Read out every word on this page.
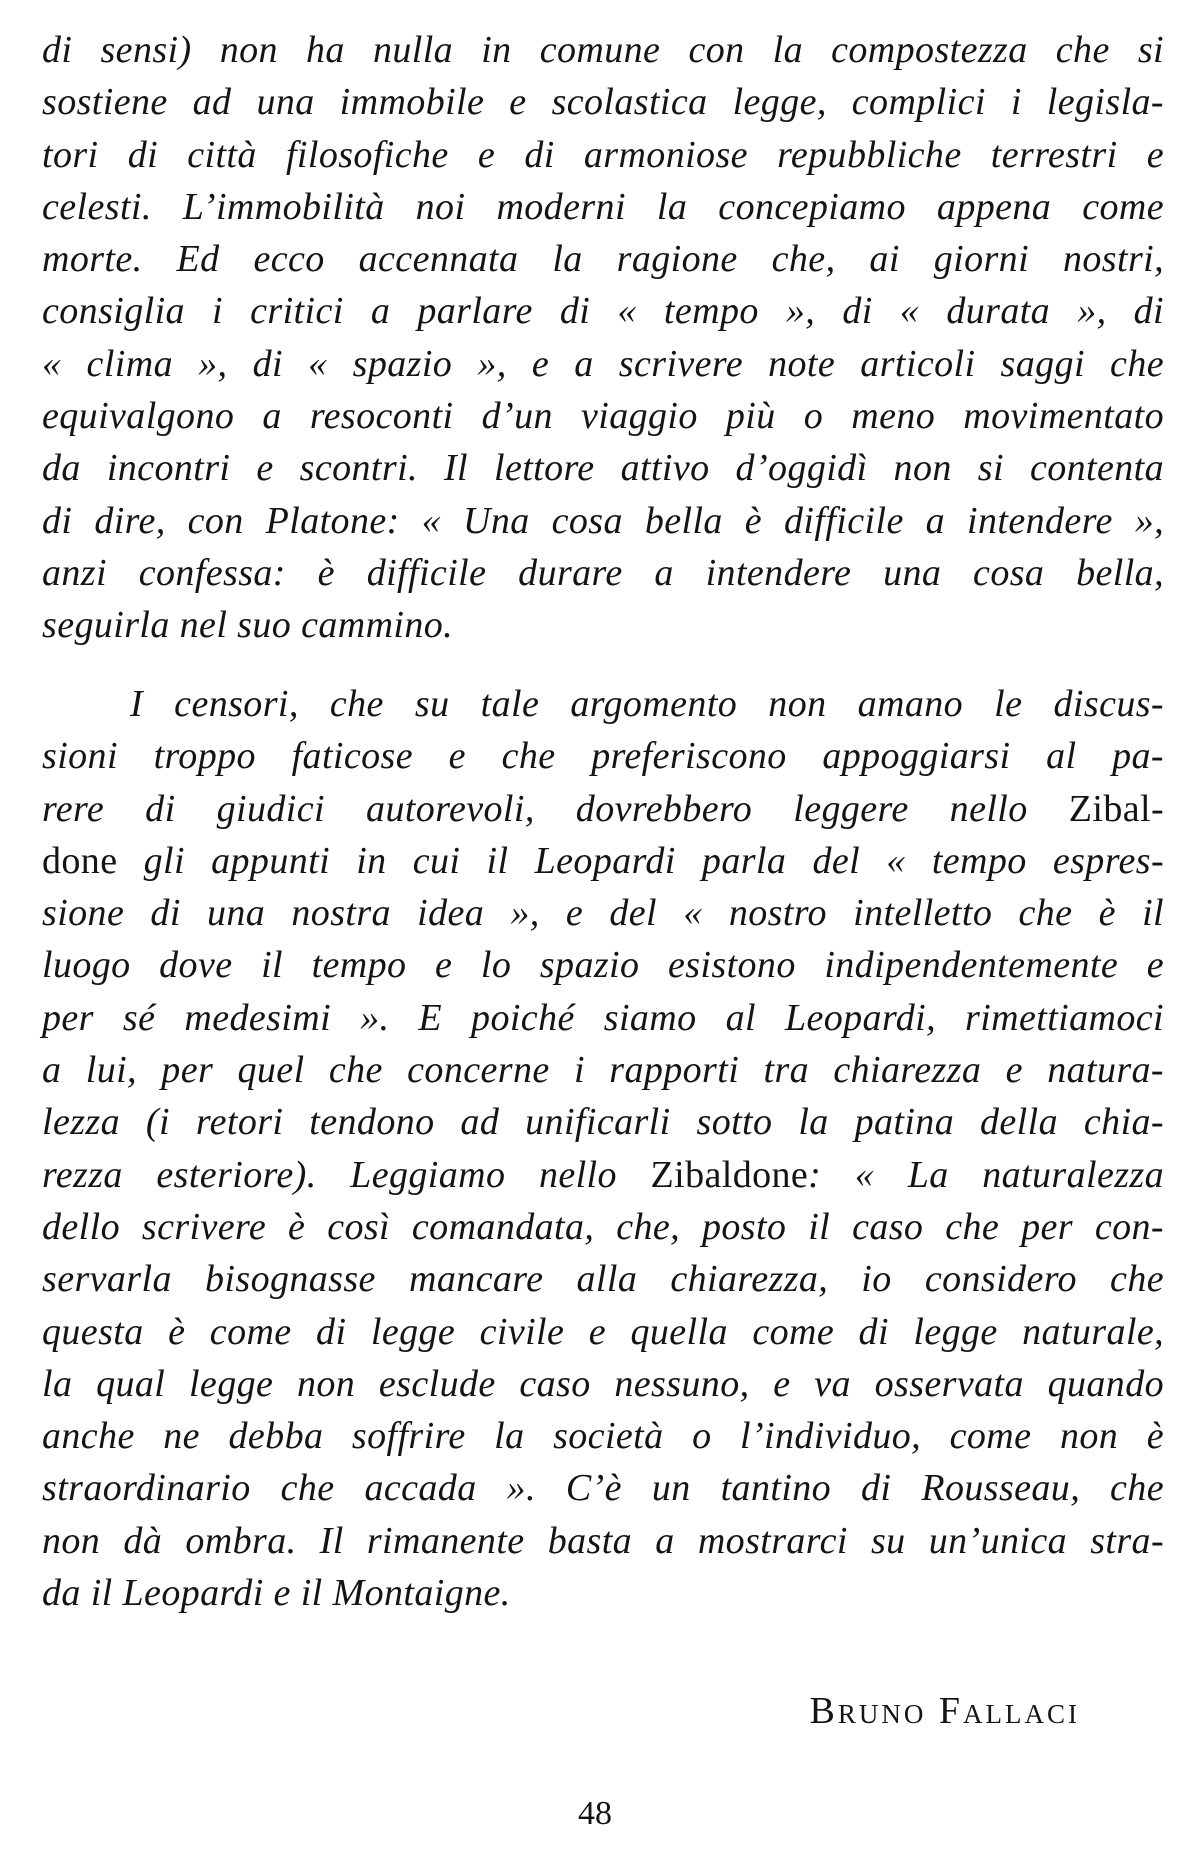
di sensi) non ha nulla in comune con la compostezza che si
sostiene ad una immobile e scolastica legge, complici i legisla-
tori di città filosofiche e di armoniose repubbliche terrestri e
celesti. L’immobilità noi moderni la concepiamo appena come
morte. Ed ecco accennata la ragione che, ai giorni nostri,
consiglia i critici a parlare di « tempo », di « durata », di
« clima », di « spazio », e a scrivere note articoli saggi che
equivalgono a resoconti d’un viaggio più o meno movimentato
da incontri e scontri. Il lettore attivo d’oggidì non si contenta
di dire, con Platone: « Una cosa bella è difficile a intendere »,
anzi confessa: è difficile durare a intendere una cosa bella,
seguirla nel suo cammino.
I censori, che su tale argomento non amano le discus-
sioni troppo faticose e che preferiscono appoggiarsi al pa-
rere di giudici autorevoli, dovrebbero leggere nello Zibal-
done gli appunti in cui il Leopardi parla del « tempo espres-
sione di una nostra idea », e del « nostro intelletto che è il
luogo dove il tempo e lo spazio esistono indipendentemente e
per sé medesimi ». E poiché siamo al Leopardi, rimettiamoci
a lui, per quel che concerne i rapporti tra chiarezza e natura-
lezza (i retori tendono ad unificarli sotto la patina della chia-
rezza esteriore). Leggiamo nello Zibaldone: « La naturalezza
dello scrivere è così comandata, che, posto il caso che per con-
servarla bisognasse mancare alla chiarezza, io considero che
questa è come di legge civile e quella come di legge naturale,
la qual legge non esclude caso nessuno, e va osservata quando
anche ne debba soffrire la società o l’individuo, come non è
straordinario che accada ». C’è un tantino di Rousseau, che
non dà ombra. Il rimanente basta a mostrarci su un’unica stra-
da il Leopardi e il Montaigne.
Bruno Fallaci
48
